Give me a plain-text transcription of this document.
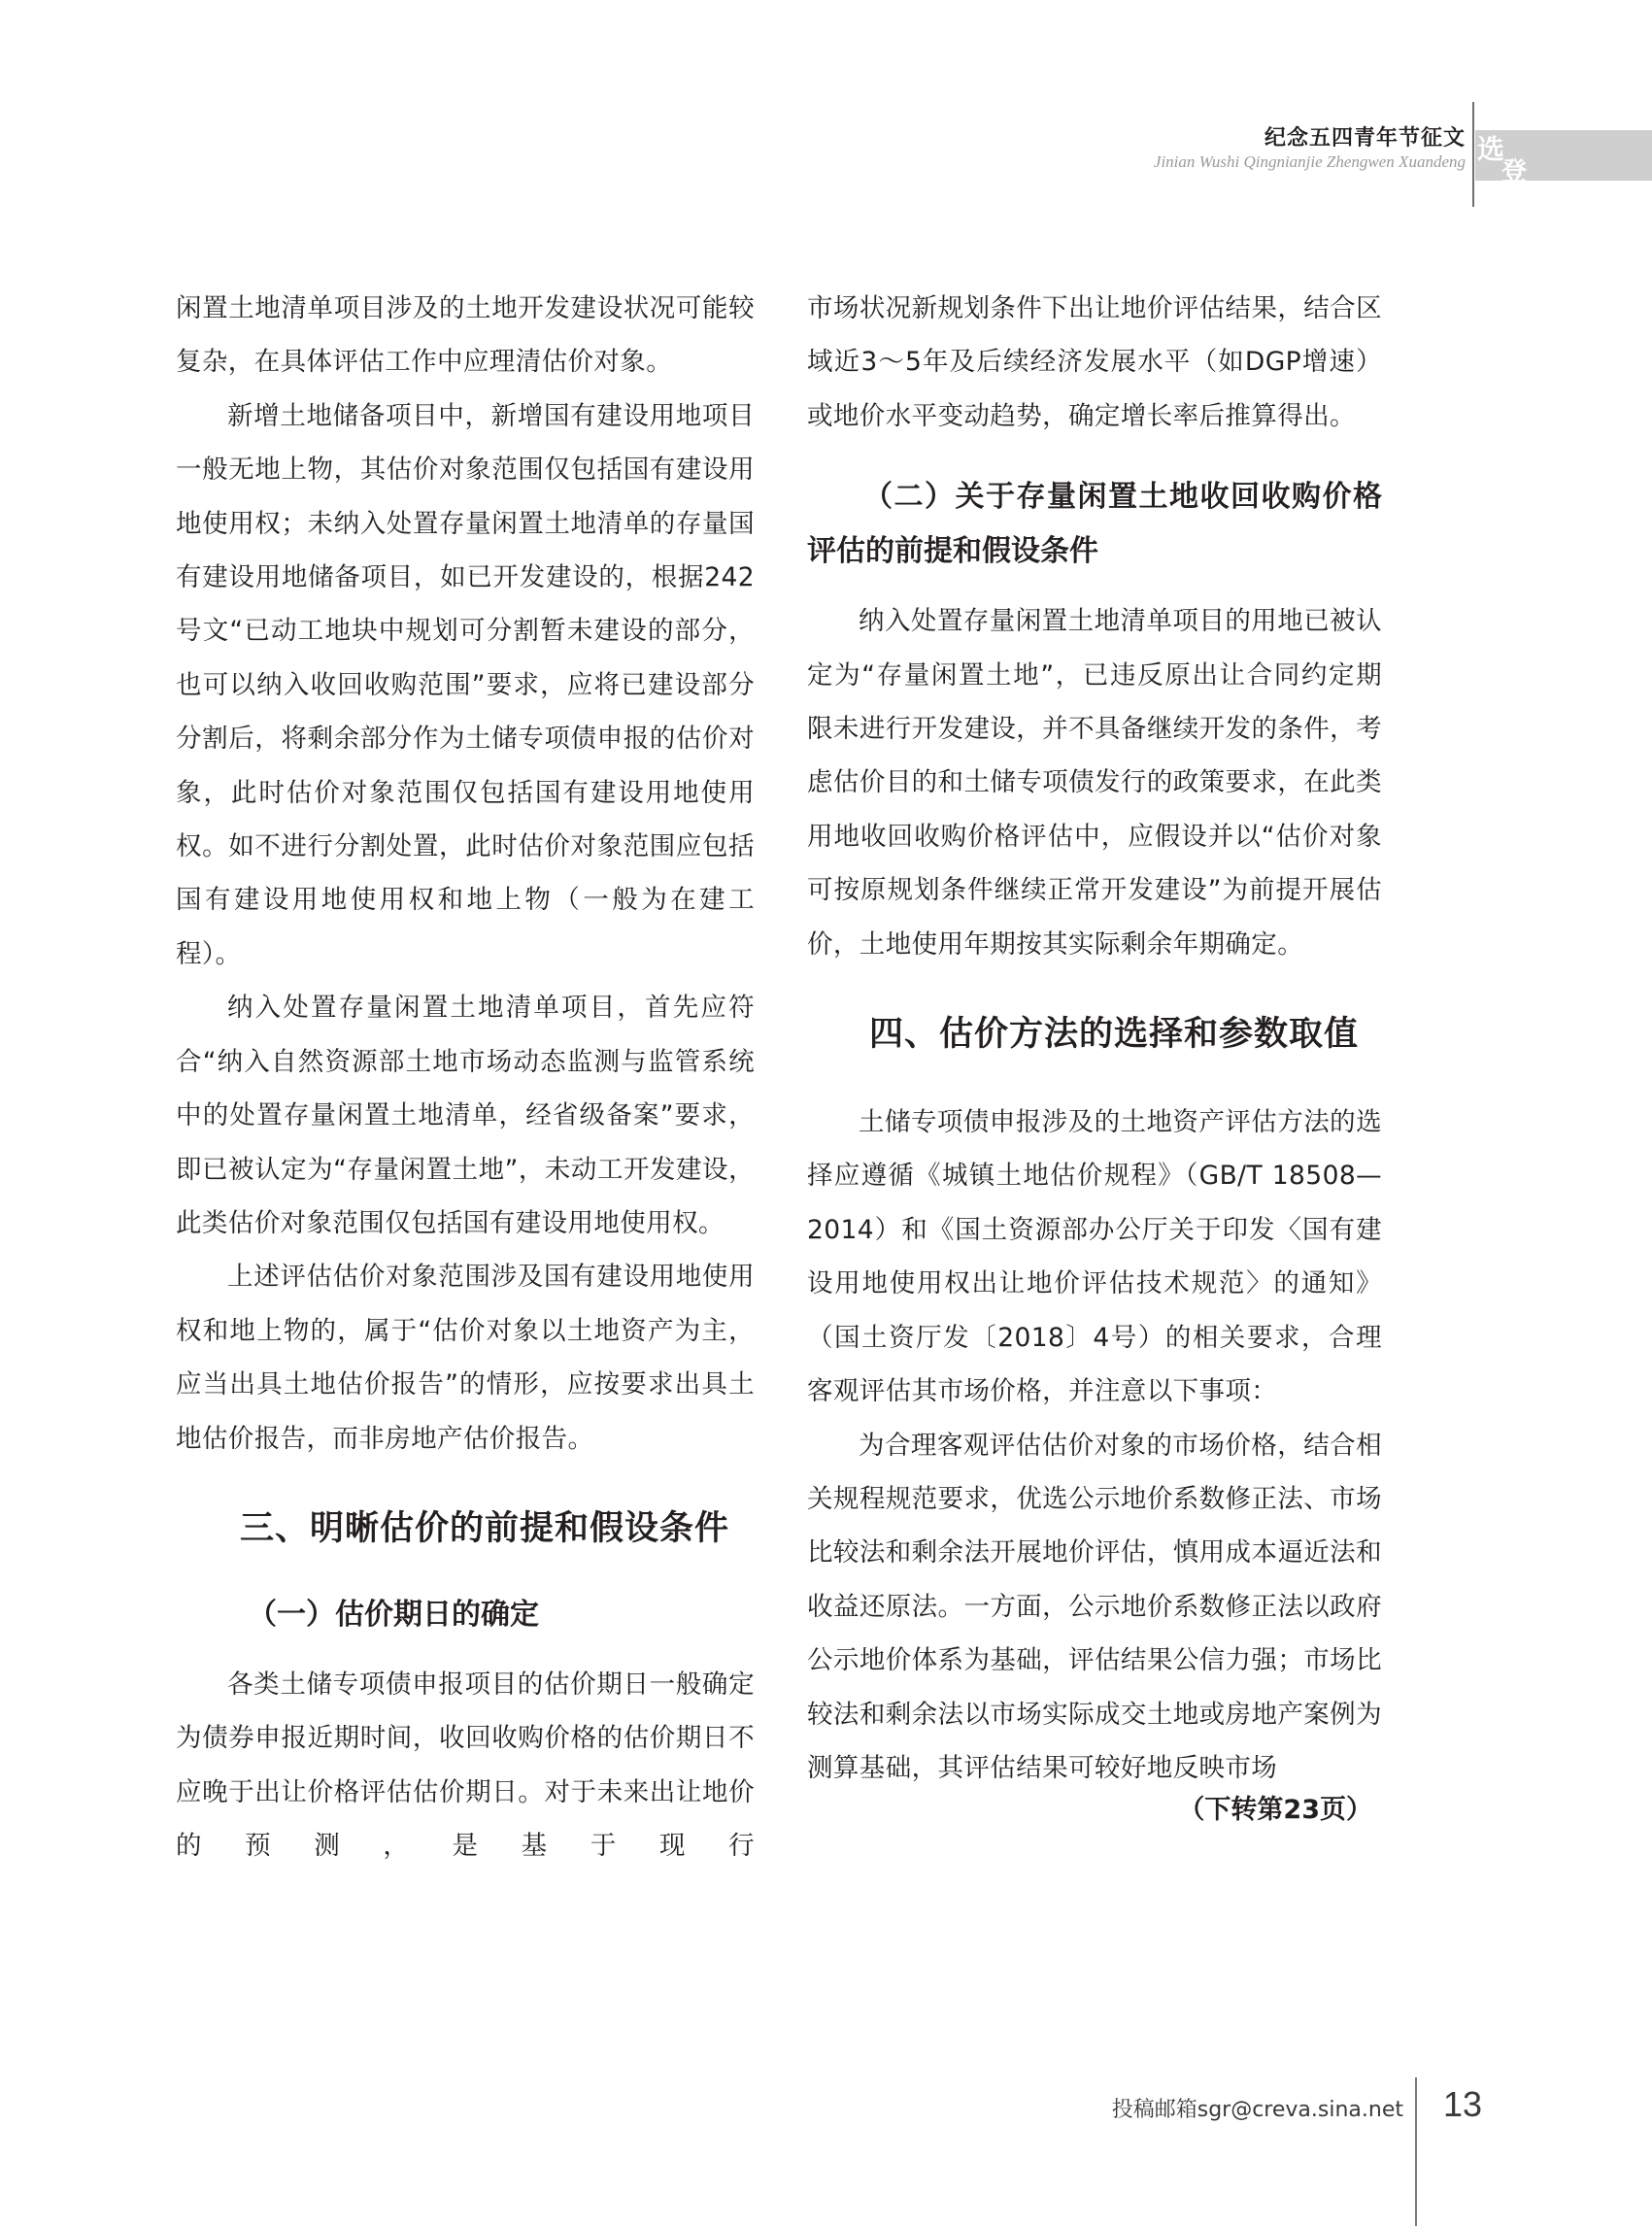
纪念五四青年节征文
Jinian Wushi Qingnianjie Zhengwen Xuandeng 选
登

闲置土地清单项目涉及的土地开发建设状况可能较复杂，在具体评估工作中应理清估价对象。

新增土地储备项目中，新增国有建设用地项目一般无地上物，其估价对象范围仅包括国有建设用地使用权；未纳入处置存量闲置土地清单的存量国有建设用地储备项目，如已开发建设的，根据242号文“已动工地块中规划可分割暂未建设的部分，也可以纳入收回收购范围”要求，应将已建设部分分割后，将剩余部分作为土储专项债申报的估价对象，此时估价对象范围仅包括国有建设用地使用权。如不进行分割处置，此时估价对象范围应包括国有建设用地使用权和地上物（一般为在建工程）。

纳入处置存量闲置土地清单项目，首先应符合“纳入自然资源部土地市场动态监测与监管系统中的处置存量闲置土地清单，经省级备案”要求，即已被认定为“存量闲置土地”，未动工开发建设，此类估价对象范围仅包括国有建设用地使用权。

上述评估估价对象范围涉及国有建设用地使用权和地上物的，属于“估价对象以土地资产为主，应当出具土地估价报告”的情形，应按要求出具土地估价报告，而非房地产估价报告。

三、明晰估价的前提和假设条件

（一）估价期日的确定

各类土储专项债申报项目的估价期日一般确定为债券申报近期时间，收回收购价格的估价期日不应晚于出让价格评估估价期日。对于未来出让地价的预测，是基于现行

市场状况新规划条件下出让地价评估结果，结合区域近3～5年及后续经济发展水平（如DGP增速）或地价水平变动趋势，确定增长率后推算得出。

（二）关于存量闲置土地收回收购价格评估的前提和假设条件

纳入处置存量闲置土地清单项目的用地已被认定为“存量闲置土地”，已违反原出让合同约定期限未进行开发建设，并不具备继续开发的条件，考虑估价目的和土储专项债发行的政策要求，在此类用地收回收购价格评估中，应假设并以“估价对象可按原规划条件继续正常开发建设”为前提开展估价，土地使用年期按其实际剩余年期确定。

四、估价方法的选择和参数取值

土储专项债申报涉及的土地资产评估方法的选择应遵循《城镇土地估价规程》（GB/T 18508—2014）和《国土资源部办公厅关于印发〈国有建设用地使用权出让地价评估技术规范〉的通知》（国土资厅发〔2018〕4号）的相关要求，合理客观评估其市场价格，并注意以下事项：

为合理客观评估估价对象的市场价格，结合相关规程规范要求，优选公示地价系数修正法、市场比较法和剩余法开展地价评估，慎用成本逼近法和收益还原法。一方面，公示地价系数修正法以政府公示地价体系为基础，评估结果公信力强；市场比较法和剩余法以市场实际成交土地或房地产案例为测算基础，其评估结果可较好地反映市场

（下转第23页）
投稿邮箱sgr@creva.sina.net 13
